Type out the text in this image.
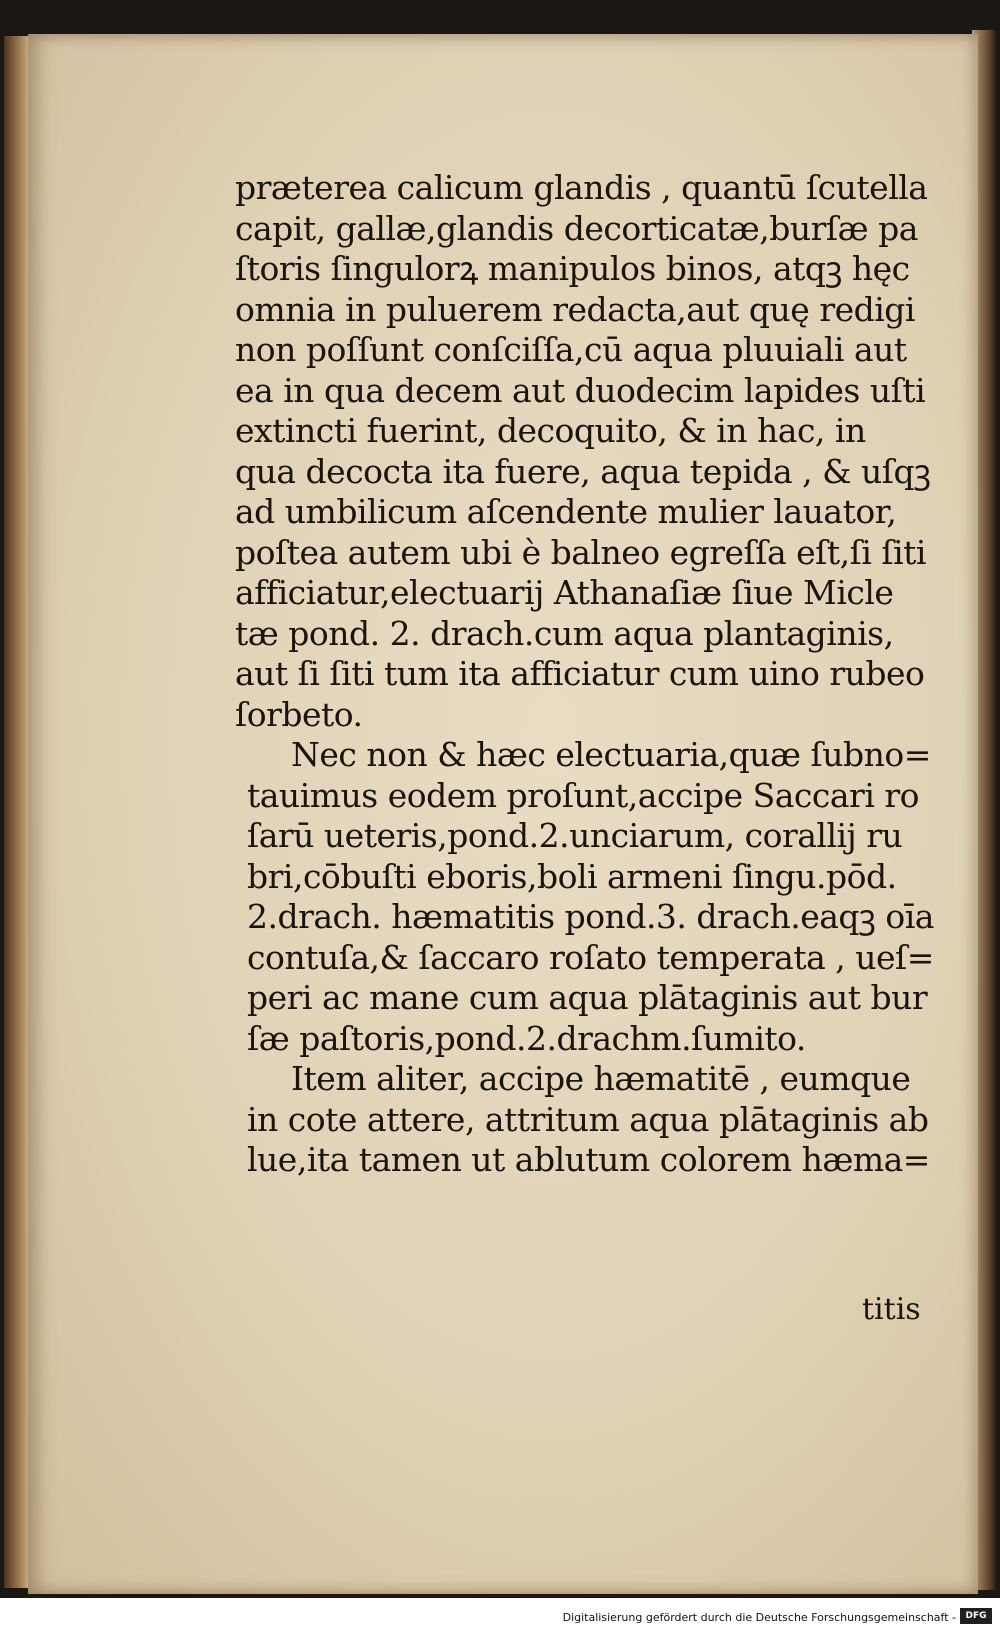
præterea calicum glandis , quantū ſcutella
capit, gallæ,glandis decorticatæ,burſæ pa
ſtoris ſingulorꝝ manipulos binos, atqꝫ hęc
omnia in puluerem redacta,aut quę redigi
non poſſunt conſciſſa,cū aqua pluuiali aut
ea in qua decem aut duodecim lapides uſti
extincti fuerint, decoquito, & in hac, in
qua decocta ita fuere, aqua tepida , & uſqꝫ
ad umbilicum aſcendente mulier lauator,
poſtea autem ubi è balneo egreſſa eſt,ſi ſiti
afficiatur,electuarij Athanaſiæ ſiue Micle
tæ pond. 2. drach.cum aqua plantaginis,
aut ſi ſiti tum ita afficiatur cum uino rubeo
ſorbeto.
Nec non & hæc electuaria,quæ ſubno=
tauimus eodem proſunt,accipe Saccari ro
ſarū ueteris,pond.2.unciarum, corallij ru
bri,cōbuſti eboris,boli armeni ſingu.pōd.
2.drach. hæmatitis pond.3. drach.eaqꝫ oīa
contuſa,& ſaccaro roſato temperata , ueſ=
peri ac mane cum aqua plātaginis aut bur
ſæ paſtoris,pond.2.drachm.ſumito.
Item aliter, accipe hæmatitē , eumque
in cote attere, attritum aqua plātaginis ab
lue,ita tamen ut ablutum colorem hæma=
titis
Digitalisierung gefördert durch die Deutsche Forschungsgemeinschaft -	DFG
